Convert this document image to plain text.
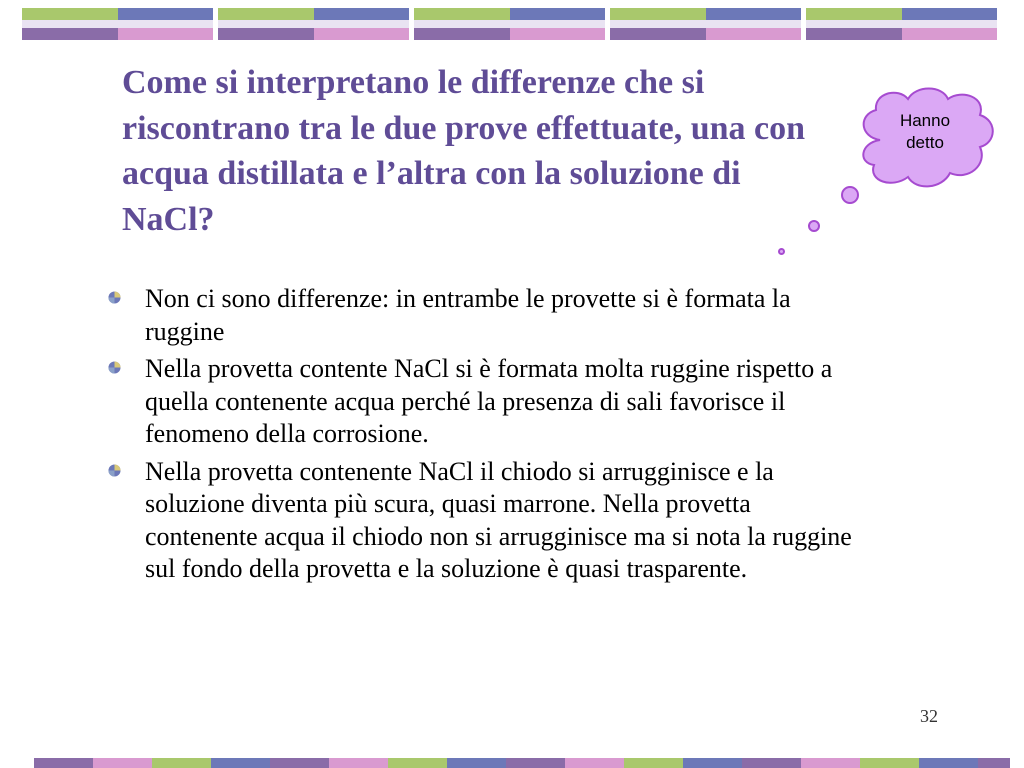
Come si interpretano le differenze che si riscontrano tra le due prove effettuate, una con acqua distillata e l’altra con la soluzione di NaCl?
Hanno detto
Non ci sono differenze: in entrambe le provette si è formata la ruggine
Nella provetta contente NaCl si è formata molta ruggine rispetto a quella contenente acqua perché la presenza di sali favorisce il fenomeno della corrosione.
Nella provetta contenente NaCl il chiodo si arrugginisce e la soluzione diventa più scura, quasi marrone. Nella provetta contenente acqua il chiodo non si arrugginisce ma si nota la ruggine sul fondo della provetta e la soluzione è quasi trasparente.
32
